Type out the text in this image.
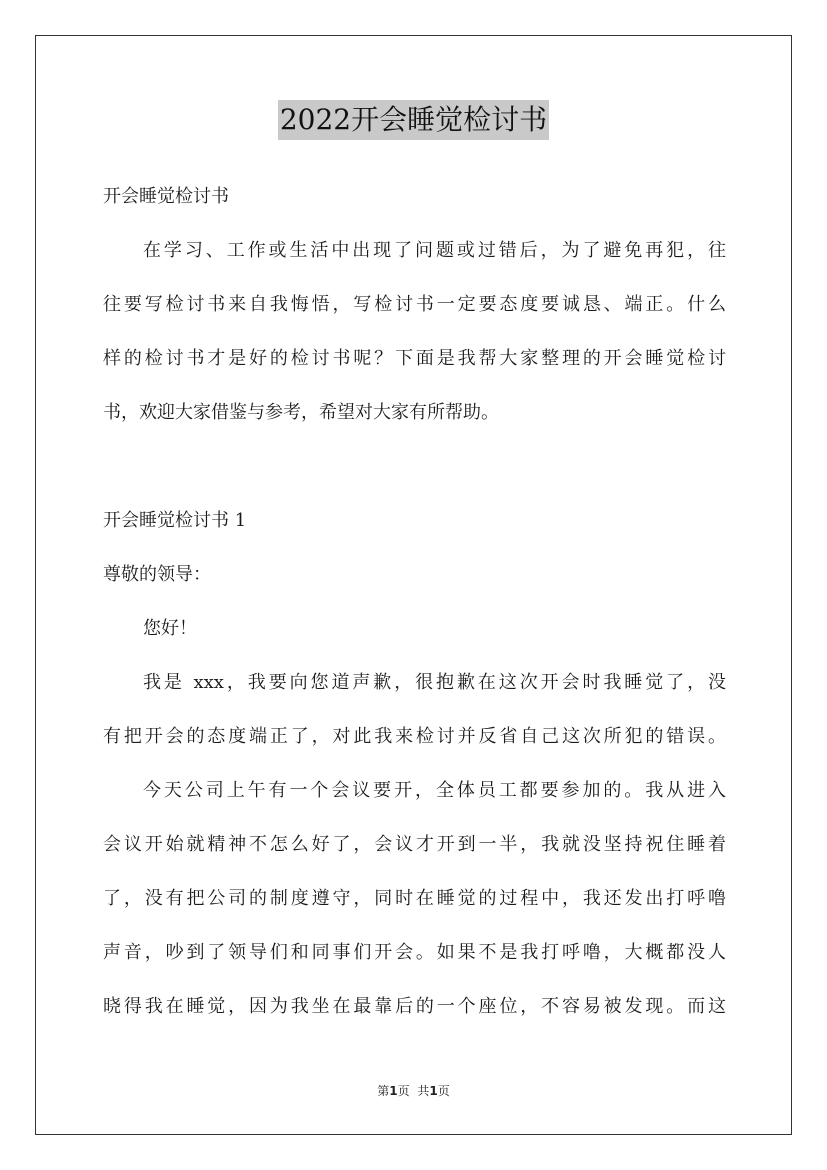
2022开会睡觉检讨书
开会睡觉检讨书
在学习、工作或生活中出现了问题或过错后，为了避免再犯，往
往要写检讨书来自我悔悟，写检讨书一定要态度要诚恳、端正。什么
样的检讨书才是好的检讨书呢？下面是我帮大家整理的开会睡觉检讨
书，欢迎大家借鉴与参考，希望对大家有所帮助。
开会睡觉检讨书 1
尊敬的领导：
您好！
我是 xxx，我要向您道声歉，很抱歉在这次开会时我睡觉了，没
有把开会的态度端正了，对此我来检讨并反省自己这次所犯的错误。
今天公司上午有一个会议要开，全体员工都要参加的。我从进入
会议开始就精神不怎么好了，会议才开到一半，我就没坚持祝住睡着
了，没有把公司的制度遵守，同时在睡觉的过程中，我还发出打呼噜
声音，吵到了领导们和同事们开会。如果不是我打呼噜，大概都没人
晓得我在睡觉，因为我坐在最靠后的一个座位，不容易被发现。而这
第1页 共1页
